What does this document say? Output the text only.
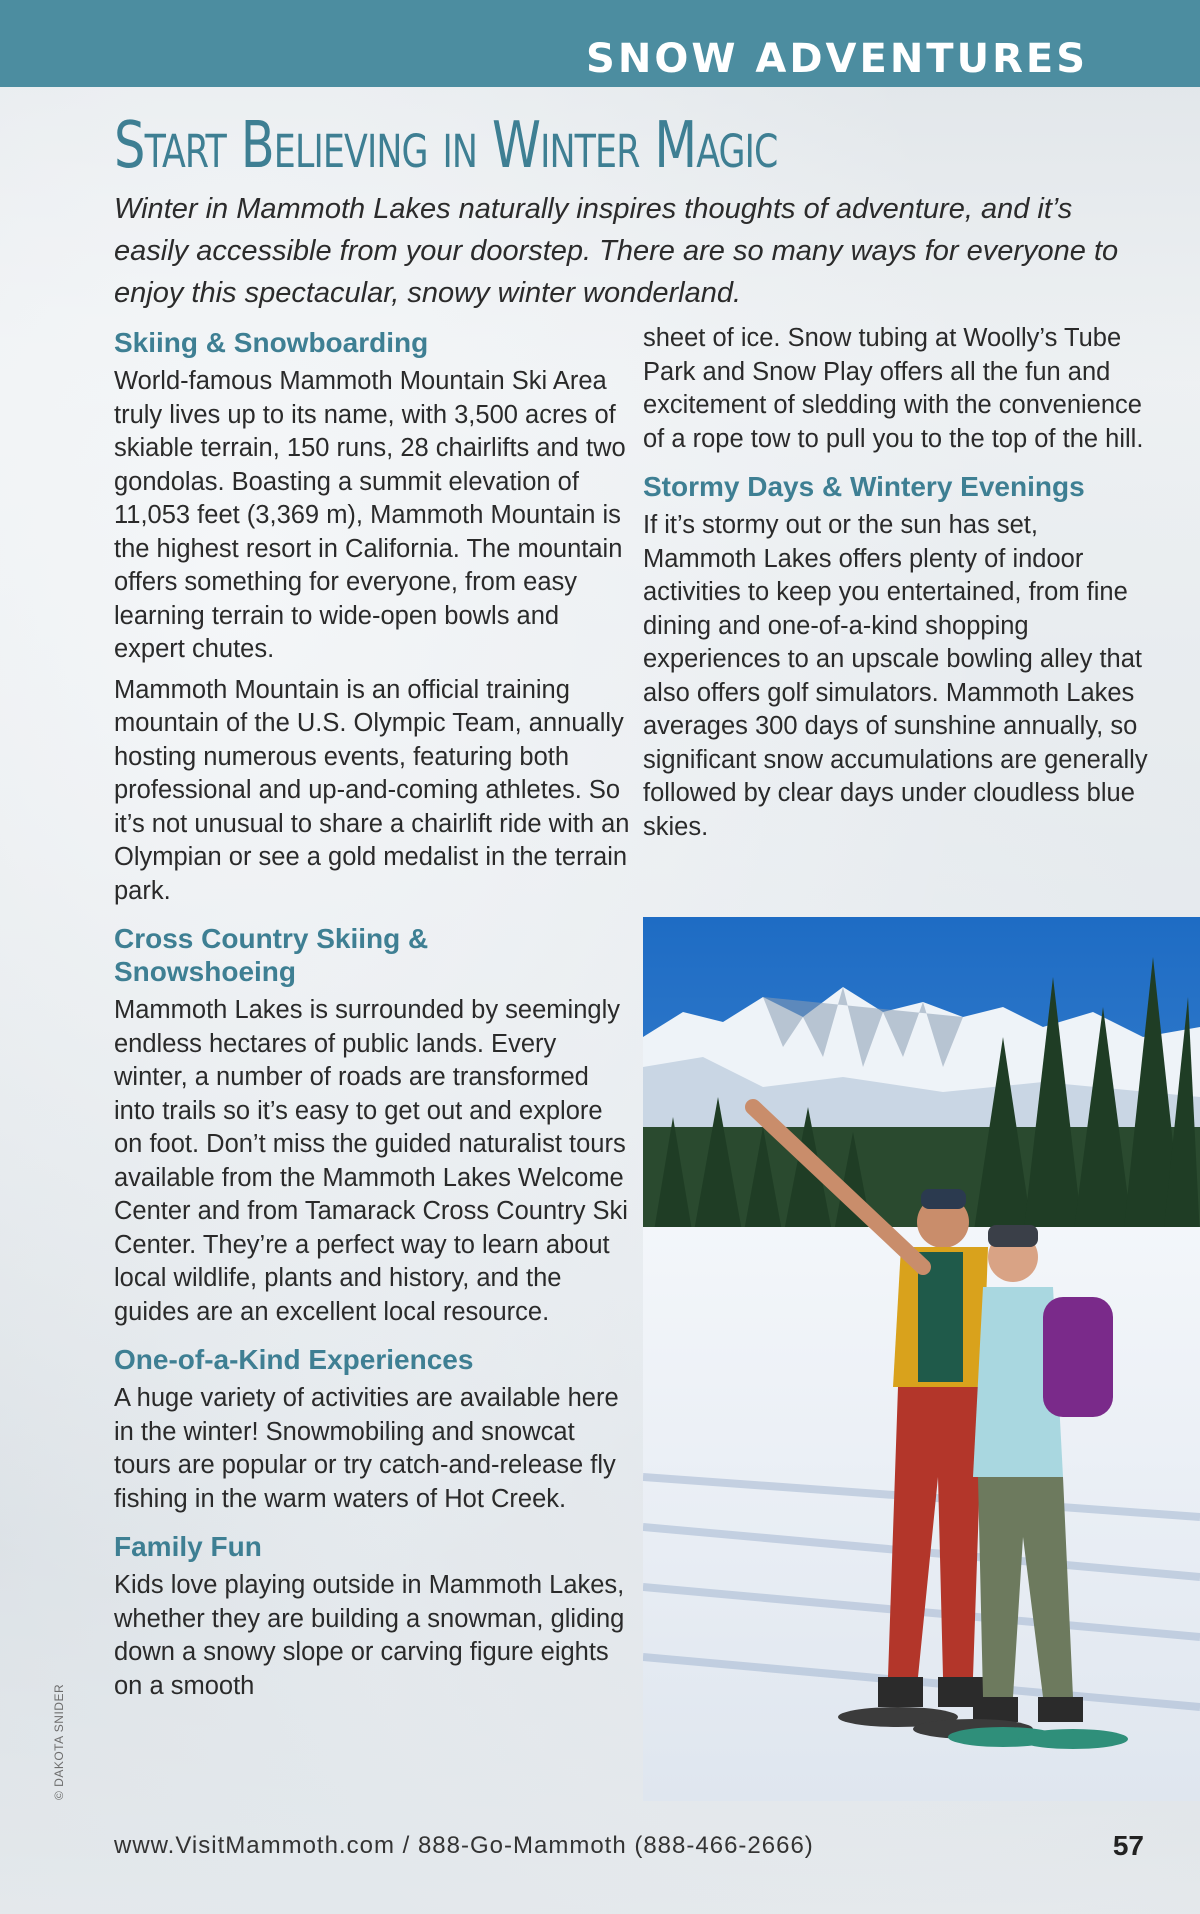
SNOW ADVENTURES
Start Believing in Winter Magic
Winter in Mammoth Lakes naturally inspires thoughts of adventure, and it’s easily accessible from your doorstep. There are so many ways for everyone to enjoy this spectacular, snowy winter wonderland.
Skiing & Snowboarding

World-famous Mammoth Mountain Ski Area truly lives up to its name, with 3,500 acres of skiable terrain, 150 runs, 28 chairlifts and two gondolas. Boasting a summit elevation of 11,053 feet (3,369 m), Mammoth Mountain is the highest resort in California. The mountain offers something for everyone, from easy learning terrain to wide-open bowls and expert chutes.

Mammoth Mountain is an official training mountain of the U.S. Olympic Team, annually hosting numerous events, featuring both professional and up-and-coming athletes. So it’s not unusual to share a chairlift ride with an Olympian or see a gold medalist in the terrain park.

Cross Country Skiing & Snowshoeing

Mammoth Lakes is surrounded by seemingly endless hectares of public lands. Every winter, a number of roads are transformed into trails so it’s easy to get out and explore on foot. Don’t miss the guided naturalist tours available from the Mammoth Lakes Welcome Center and from Tamarack Cross Country Ski Center. They’re a perfect way to learn about local wildlife, plants and history, and the guides are an excellent local resource.

One-of-a-Kind Experiences

A huge variety of activities are available here in the winter! Snowmobiling and snowcat tours are popular or try catch-and-release fly fishing in the warm waters of Hot Creek.

Family Fun

Kids love playing outside in Mammoth Lakes, whether they are building a snowman, gliding down a snowy slope or carving figure eights on a smooth

sheet of ice. Snow tubing at Woolly’s Tube Park and Snow Play offers all the fun and excitement of sledding with the convenience of a rope tow to pull you to the top of the hill.

Stormy Days & Wintery Evenings

If it’s stormy out or the sun has set, Mammoth Lakes offers plenty of indoor activities to keep you entertained, from fine dining and one-of-a-kind shopping experiences to an upscale bowling alley that also offers golf simulators. Mammoth Lakes averages 300 days of sunshine annually, so significant snow accumulations are generally followed by clear days under cloudless blue skies.

© DAKOTA SNIDER
www.VisitMammoth.com / 888-Go-Mammoth (888-466-2666)	57
